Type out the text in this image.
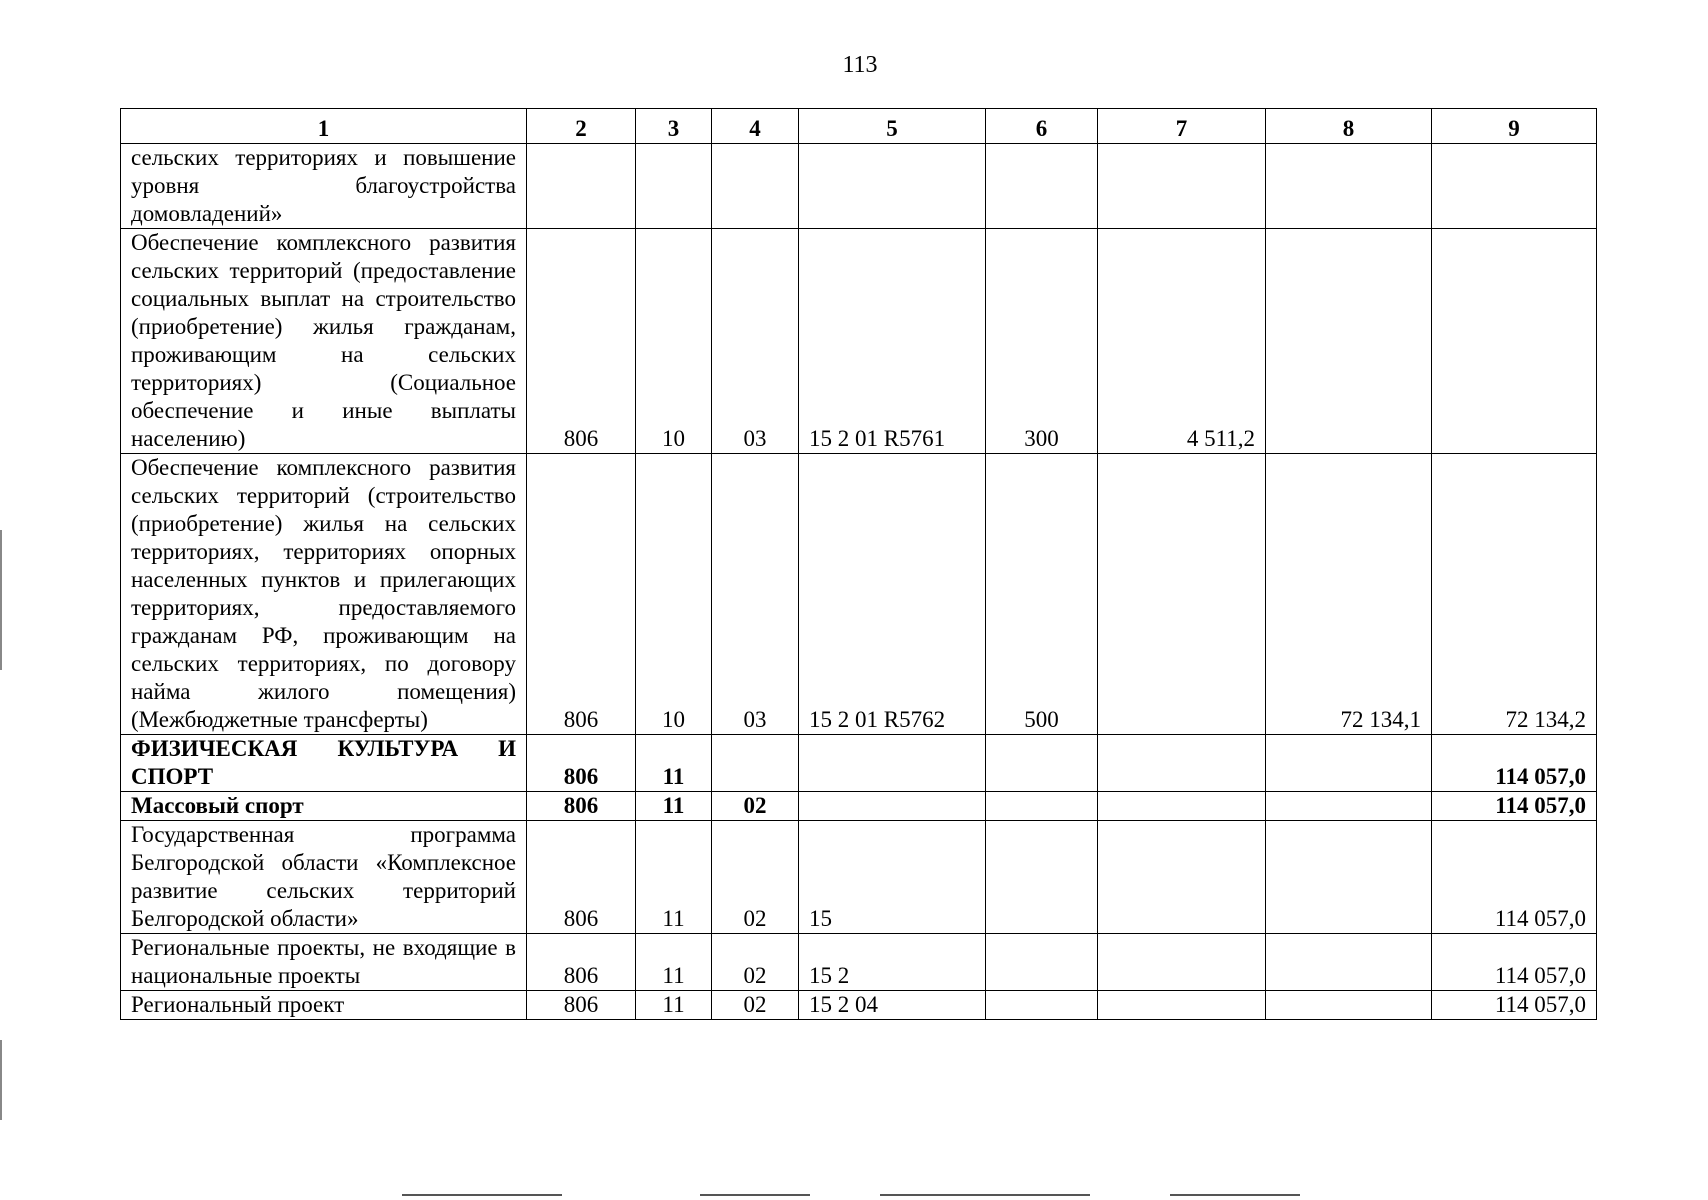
113
1	2	3	4	5	6	7	8	9
сельских территориях и повышение уровня благоустройства домовладений»								
Обеспечение комплексного развития сельских территорий (предоставление социальных выплат на строительство (приобретение) жилья гражданам, проживающим на сельских территориях) (Социальное обеспечение и иные выплаты населению)	806	10	03	15 2 01 R5761	300	4 511,2		
Обеспечение комплексного развития сельских территорий (строительство (приобретение) жилья на сельских территориях, территориях опорных населенных пунктов и прилегающих территориях, предоставляемого гражданам РФ, проживающим на сельских территориях, по договору найма жилого помещения) (Межбюджетные трансферты)	806	10	03	15 2 01 R5762	500		72 134,1	72 134,2
ФИЗИЧЕСКАЯ КУЛЬТУРА И СПОРТ	806	11						114 057,0
Массовый спорт	806	11	02					114 057,0
Государственная программа Белгородской области «Комплексное развитие сельских территорий Белгородской области»	806	11	02	15				114 057,0
Региональные проекты, не входящие в национальные проекты	806	11	02	15 2				114 057,0
Региональный проект	806	11	02	15 2 04				114 057,0
